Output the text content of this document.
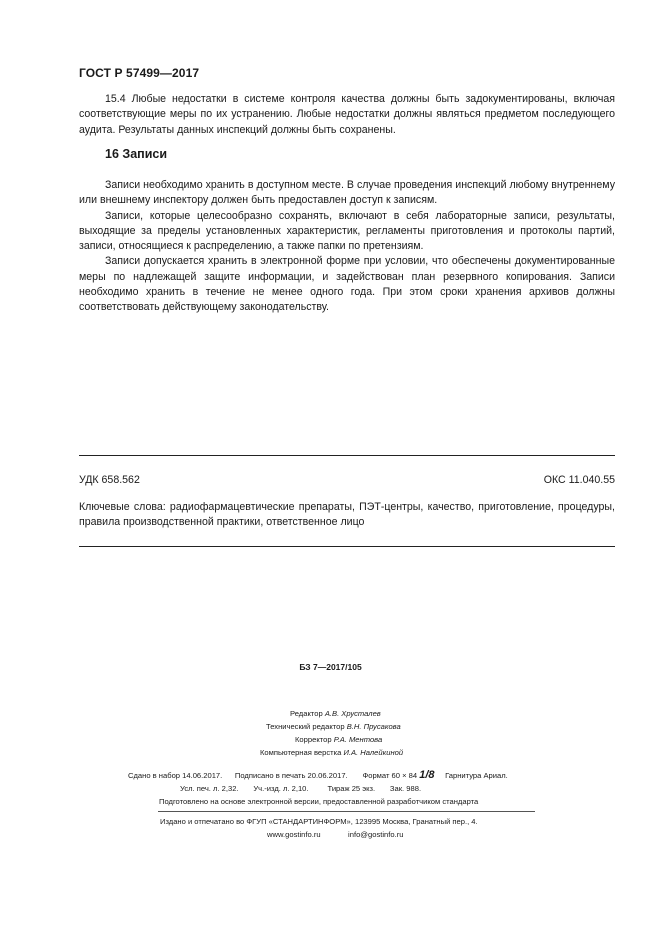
ГОСТ Р 57499—2017

15.4 Любые недостатки в системе контроля качества должны быть задокументированы, включая соответствующие меры по их устранению. Любые недостатки должны являться предметом последующего аудита. Результаты данных инспекций должны быть сохранены.

16 Записи

Записи необходимо хранить в доступном месте. В случае проведения инспекций любому внутреннему или внешнему инспектору должен быть предоставлен доступ к записям.

Записи, которые целесообразно сохранять, включают в себя лабораторные записи, результаты, выходящие за пределы установленных характеристик, регламенты приготовления и протоколы партий, записи, относящиеся к распределению, а также папки по претензиям.

Записи допускается хранить в электронной форме при условии, что обеспечены документированные меры по надлежащей защите информации, и задействован план резервного копирования. Записи необходимо хранить в течение не менее одного года. При этом сроки хранения архивов должны соответствовать действующему законодательству.

УДК 658.562	ОКС 11.040.55
Ключевые слова: радиофармацевтические препараты, ПЭТ-центры, качество, приготовление, процедуры, правила производственной практики, ответственное лицо
БЗ 7—2017/105
Редактор А.В. Хрусталев
Технический редактор В.Н. Прусакова
Корректор Р.А. Ментова
Компьютерная верстка И.А. Налейкиной
Сдано в набор 14.06.2017. Подписано в печать 20.06.2017. Формат 60 × 84 1/8 Гарнитура Ариал.
Усл. печ. л. 2,32. Уч.-изд. л. 2,10.	Тираж 25 экз. Зак. 988.
Подготовлено на основе электронной версии, предоставленной разработчиком стандарта
Издано и отпечатано во ФГУП «СТАНДАРТИНФОРМ», 123995 Москва, Гранатный пер., 4.
www.gostinfo.ru	info@gostinfo.ru
